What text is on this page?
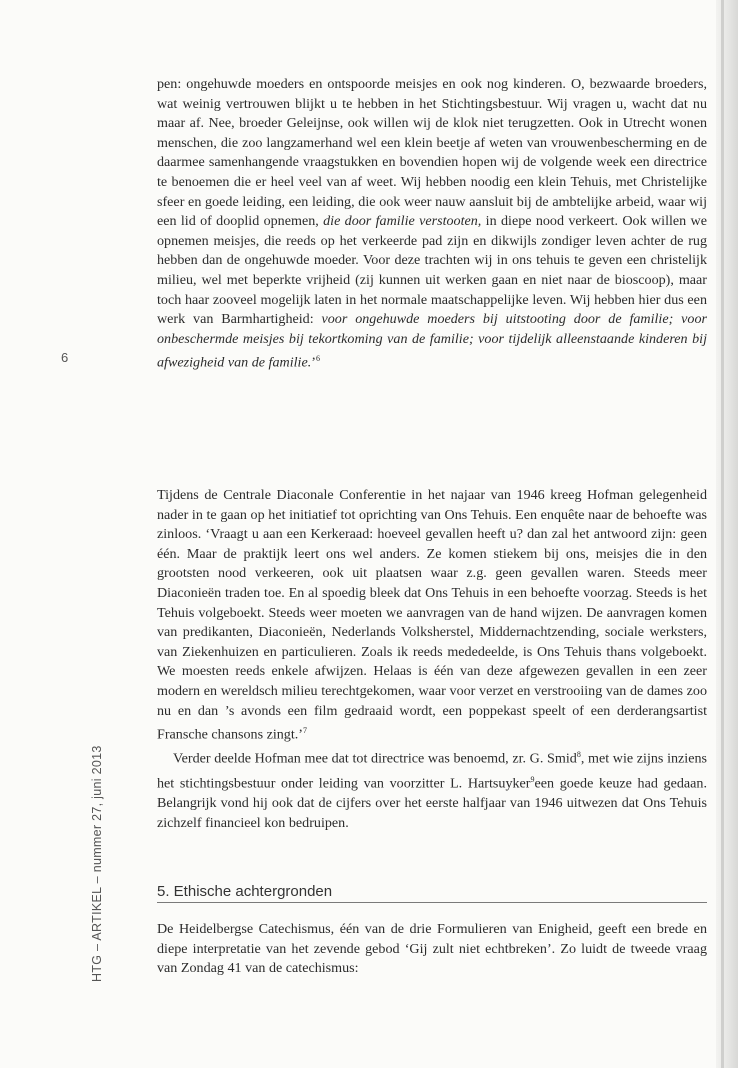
6
HTG – ARTIKEL – nummer 27, juni 2013

pen: ongehuwde moeders en ontspoorde meisjes en ook nog kinderen. O, bezwaarde broeders, wat weinig vertrouwen blijkt u te hebben in het Stichtingsbestuur. Wij vragen u, wacht dat nu maar af. Nee, broeder Geleijnse, ook willen wij de klok niet terugzetten. Ook in Utrecht wonen menschen, die zoo langzamerhand wel een klein beetje af weten van vrouwenbescherming en de daarmee samenhangende vraagstukken en bovendien hopen wij de volgende week een directrice te benoemen die er heel veel van af weet. Wij hebben noodig een klein Tehuis, met Christelijke sfeer en goede leiding, een leiding, die ook weer nauw aansluit bij de ambtelijke arbeid, waar wij een lid of dooplid opnemen, die door familie verstooten, in diepe nood verkeert. Ook willen we opnemen meisjes, die reeds op het verkeerde pad zijn en dikwijls zondiger leven achter de rug hebben dan de ongehuwde moeder. Voor deze trachten wij in ons tehuis te geven een christelijk milieu, wel met beperkte vrijheid (zij kunnen uit werken gaan en niet naar de bioscoop), maar toch haar zooveel mogelijk laten in het normale maatschappelijke leven. Wij hebben hier dus een werk van Barmhartigheid: voor ongehuwde moeders bij uitstooting door de familie; voor onbeschermde meisjes bij tekortkoming van de familie; voor tijdelijk alleenstaande kinderen bij afwezigheid van de familie.’$^6$

Tijdens de Centrale Diaconale Conferentie in het najaar van 1946 kreeg Hofman gelegenheid nader in te gaan op het initiatief tot oprichting van Ons Tehuis. Een enquête naar de behoefte was zinloos. ‘Vraagt u aan een Kerkeraad: hoeveel gevallen heeft u? dan zal het antwoord zijn: geen één. Maar de praktijk leert ons wel anders. Ze komen stiekem bij ons, meisjes die in den grootsten nood verkeeren, ook uit plaatsen waar z.g. geen gevallen waren. Steeds meer Diaconieën traden toe. En al spoedig bleek dat Ons Tehuis in een behoefte voorzag. Steeds is het Tehuis volgeboekt. Steeds weer moeten we aanvragen van de hand wijzen. De aanvragen komen van predikanten, Diaconieën, Nederlands Volksherstel, Middernachtzending, sociale werksters, van Ziekenhuizen en particulieren. Zoals ik reeds mededeelde, is Ons Tehuis thans volgeboekt. We moesten reeds enkele afwijzen. Helaas is één van deze afgewezen gevallen in een zeer modern en wereldsch milieu terechtgekomen, waar voor verzet en verstrooiing van de dames zoo nu en dan ’s avonds een film gedraaid wordt, een poppekast speelt of een derderangsartist Fransche chansons zingt.’$^7$

Verder deelde Hofman mee dat tot directrice was benoemd, zr. G. Smid$^8$, met wie zijns inziens het stichtingsbestuur onder leiding van voorzitter L. Hartsuyker$^9$een goede keuze had gedaan. Belangrijk vond hij ook dat de cijfers over het eerste halfjaar van 1946 uitwezen dat Ons Tehuis zichzelf financieel kon bedruipen.

5. Ethische achtergronden

De Heidelbergse Catechismus, één van de drie Formulieren van Enigheid, geeft een brede en diepe interpretatie van het zevende gebod ‘Gij zult niet echtbreken’. Zo luidt de tweede vraag van Zondag 41 van de catechismus:
